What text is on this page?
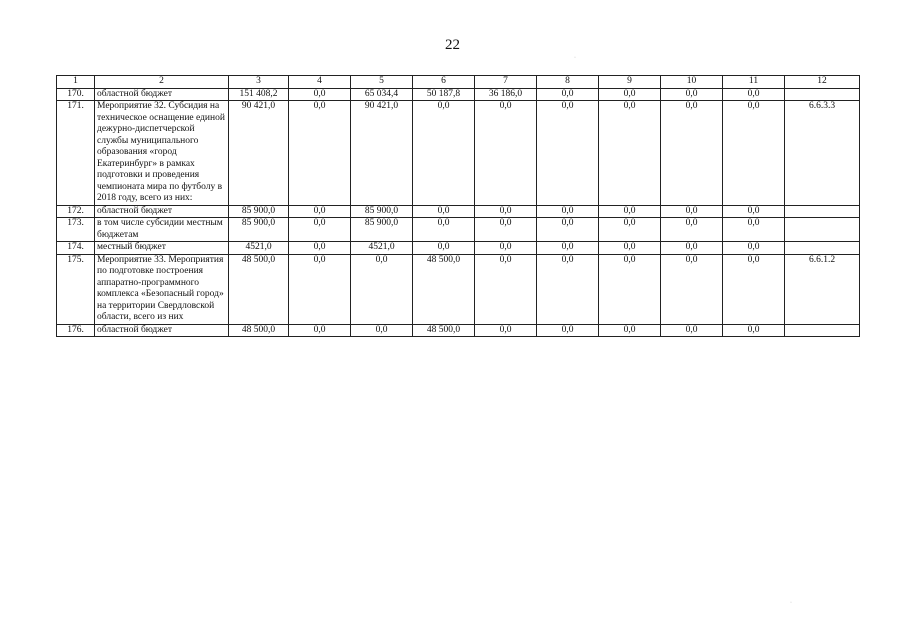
22
1	2	3	4	5	6	7	8	9	10	11	12
170.	областной бюджет	151 408,2	0,0	65 034,4	50 187,8	36 186,0	0,0	0,0	0,0	0,0	
171.	Мероприятие 32. Субсидия на техническое оснащение единой дежурно-диспетчерской службы муниципального образования «город Екатеринбург» в рамках подготовки и проведения чемпионата мира по футболу в 2018 году, всего из них:	90 421,0	0,0	90 421,0	0,0	0,0	0,0	0,0	0,0	0,0	6.6.3.3
172.	областной бюджет	85 900,0	0,0	85 900,0	0,0	0,0	0,0	0,0	0,0	0,0	
173.	в том числе субсидии местным бюджетам	85 900,0	0,0	85 900,0	0,0	0,0	0,0	0,0	0,0	0,0	
174.	местный бюджет	4521,0	0,0	4521,0	0,0	0,0	0,0	0,0	0,0	0,0	
175.	Мероприятие 33. Мероприятия по подготовке построения аппаратно-программного комплекса «Безопасный город» на территории Свердловской области, всего из них	48 500,0	0,0	0,0	48 500,0	0,0	0,0	0,0	0,0	0,0	6.6.1.2
176.	областной бюджет	48 500,0	0,0	0,0	48 500,0	0,0	0,0	0,0	0,0	0,0	
·
·
